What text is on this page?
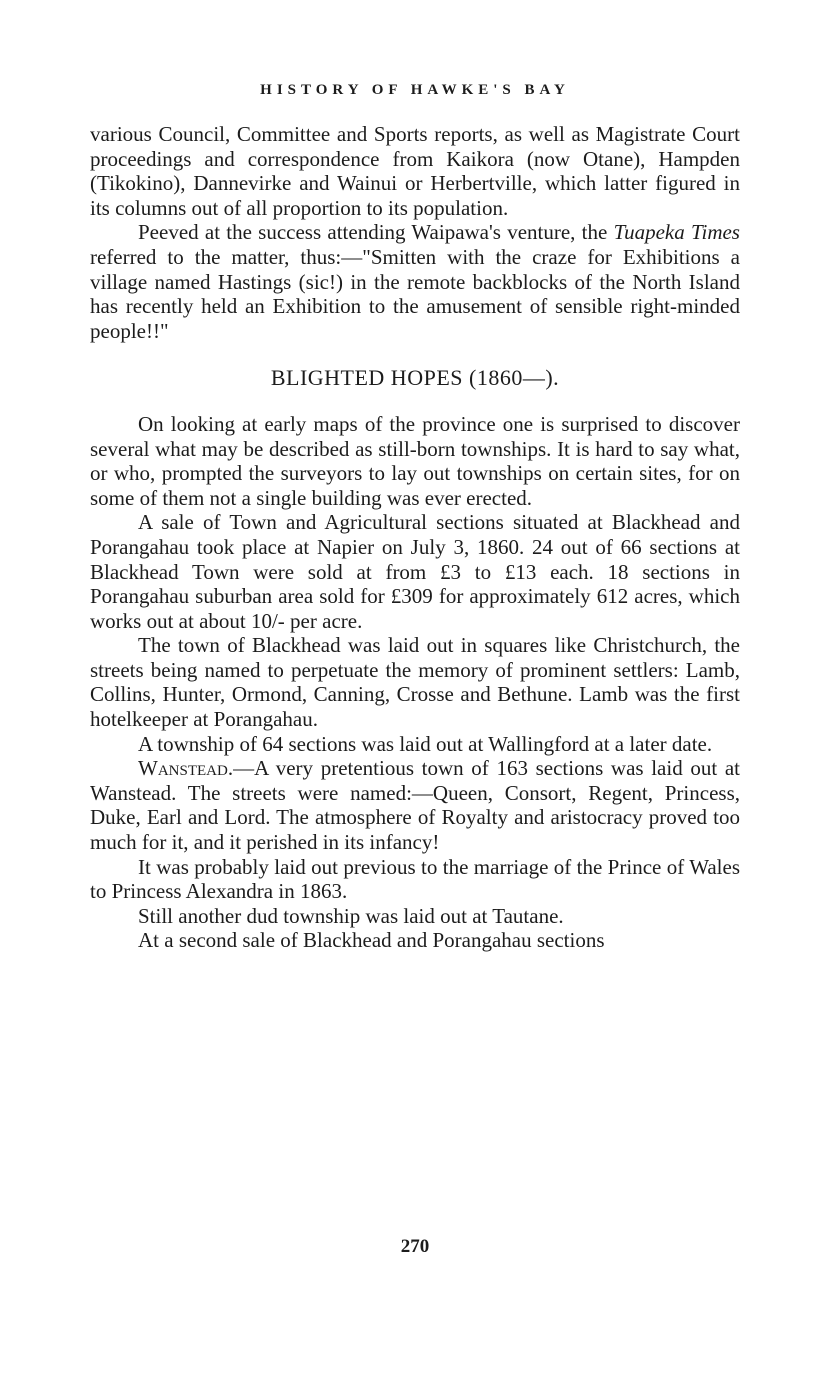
HISTORY OF HAWKE'S BAY

various Council, Committee and Sports reports, as well as Magistrate Court proceedings and correspondence from Kaikora (now Otane), Hampden (Tikokino), Dannevirke and Wainui or Herbertville, which latter figured in its columns out of all proportion to its population.

Peeved at the success attending Waipawa's venture, the Tuapeka Times referred to the matter, thus:—"Smitten with the craze for Exhibitions a village named Hastings (sic!) in the remote backblocks of the North Island has recently held an Exhibition to the amusement of sensible right-minded people!!"

BLIGHTED HOPES (1860—).

On looking at early maps of the province one is surprised to discover several what may be described as still-born townships. It is hard to say what, or who, prompted the surveyors to lay out townships on certain sites, for on some of them not a single building was ever erected.

A sale of Town and Agricultural sections situated at Blackhead and Porangahau took place at Napier on July 3, 1860. 24 out of 66 sections at Blackhead Town were sold at from £3 to £13 each. 18 sections in Porangahau suburban area sold for £309 for approximately 612 acres, which works out at about 10/- per acre.

The town of Blackhead was laid out in squares like Christchurch, the streets being named to perpetuate the memory of prominent settlers: Lamb, Collins, Hunter, Ormond, Canning, Crosse and Bethune. Lamb was the first hotelkeeper at Porangahau.

A township of 64 sections was laid out at Wallingford at a later date.

Wanstead.—A very pretentious town of 163 sections was laid out at Wanstead. The streets were named:—Queen, Consort, Regent, Princess, Duke, Earl and Lord. The atmosphere of Royalty and aristocracy proved too much for it, and it perished in its infancy!

It was probably laid out previous to the marriage of the Prince of Wales to Princess Alexandra in 1863.

Still another dud township was laid out at Tautane.

At a second sale of Blackhead and Porangahau sections

270
